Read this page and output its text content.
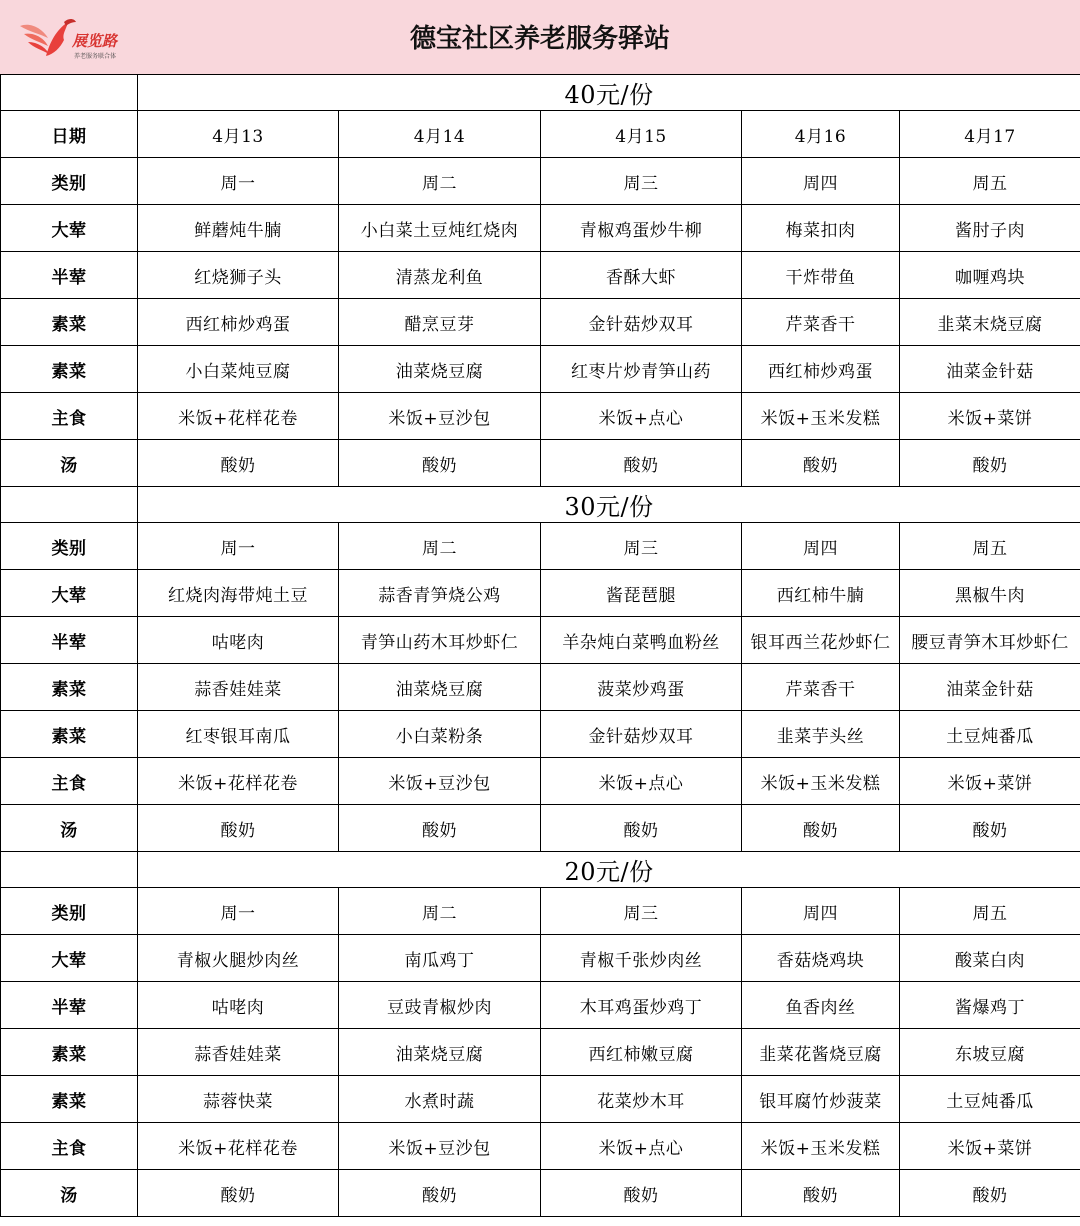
展览路
养老服务联合体
德宝社区养老服务驿站
	40元/份				
日期	4月13	4月14	4月15	4月16	4月17
类别	周一	周二	周三	周四	周五
大荤	鲜蘑炖牛腩	小白菜土豆炖红烧肉	青椒鸡蛋炒牛柳	梅菜扣肉	酱肘子肉
半荤	红烧狮子头	清蒸龙利鱼	香酥大虾	干炸带鱼	咖喱鸡块
素菜	西红柿炒鸡蛋	醋烹豆芽	金针菇炒双耳	芹菜香干	韭菜末烧豆腐
素菜	小白菜炖豆腐	油菜烧豆腐	红枣片炒青笋山药	西红柿炒鸡蛋	油菜金针菇
主食	米饭+花样花卷	米饭+豆沙包	米饭+点心	米饭+玉米发糕	米饭+菜饼
汤	酸奶	酸奶	酸奶	酸奶	酸奶
	30元/份				
类别	周一	周二	周三	周四	周五
大荤	红烧肉海带炖土豆	蒜香青笋烧公鸡	酱琵琶腿	西红柿牛腩	黑椒牛肉
半荤	咕咾肉	青笋山药木耳炒虾仁	羊杂炖白菜鸭血粉丝	银耳西兰花炒虾仁	腰豆青笋木耳炒虾仁
素菜	蒜香娃娃菜	油菜烧豆腐	菠菜炒鸡蛋	芹菜香干	油菜金针菇
素菜	红枣银耳南瓜	小白菜粉条	金针菇炒双耳	韭菜芋头丝	土豆炖番瓜
主食	米饭+花样花卷	米饭+豆沙包	米饭+点心	米饭+玉米发糕	米饭+菜饼
汤	酸奶	酸奶	酸奶	酸奶	酸奶
	20元/份				
类别	周一	周二	周三	周四	周五
大荤	青椒火腿炒肉丝	南瓜鸡丁	青椒千张炒肉丝	香菇烧鸡块	酸菜白肉
半荤	咕咾肉	豆豉青椒炒肉	木耳鸡蛋炒鸡丁	鱼香肉丝	酱爆鸡丁
素菜	蒜香娃娃菜	油菜烧豆腐	西红柿嫩豆腐	韭菜花酱烧豆腐	东坡豆腐
素菜	蒜蓉快菜	水煮时蔬	花菜炒木耳	银耳腐竹炒菠菜	土豆炖番瓜
主食	米饭+花样花卷	米饭+豆沙包	米饭+点心	米饭+玉米发糕	米饭+菜饼
汤	酸奶	酸奶	酸奶	酸奶	酸奶
